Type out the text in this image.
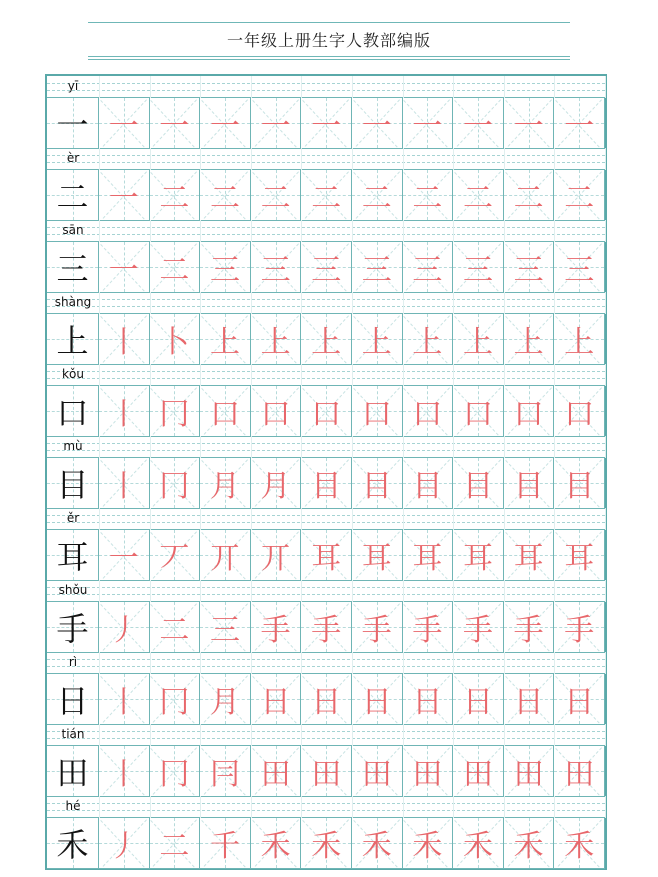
一年级上册生字人教部编版
yī
一 一 一 一 一 一 一 一 一 一 一
èr
二 一 二 二 二 二 二 二 二 二 二
sān
三 一 二 三 三 三 三 三 三 三 三
shàng
上 丨 卜 上 上 上 上 上 上 上 上
kǒu
口 丨 冂 口 口 口 口 口 口 口 口
mù
目 丨 冂 月 月 目 目 目 目 目 目
ěr
耳 一 丆 丌 丌 耳 耳 耳 耳 耳 耳
shǒu
手 丿 二 三 手 手 手 手 手 手 手
rì
日 丨 冂 月 日 日 日 日 日 日 日
tián
田 丨 冂 冃 田 田 田 田 田 田 田
hé
禾 丿 二 千 禾 禾 禾 禾 禾 禾 禾
